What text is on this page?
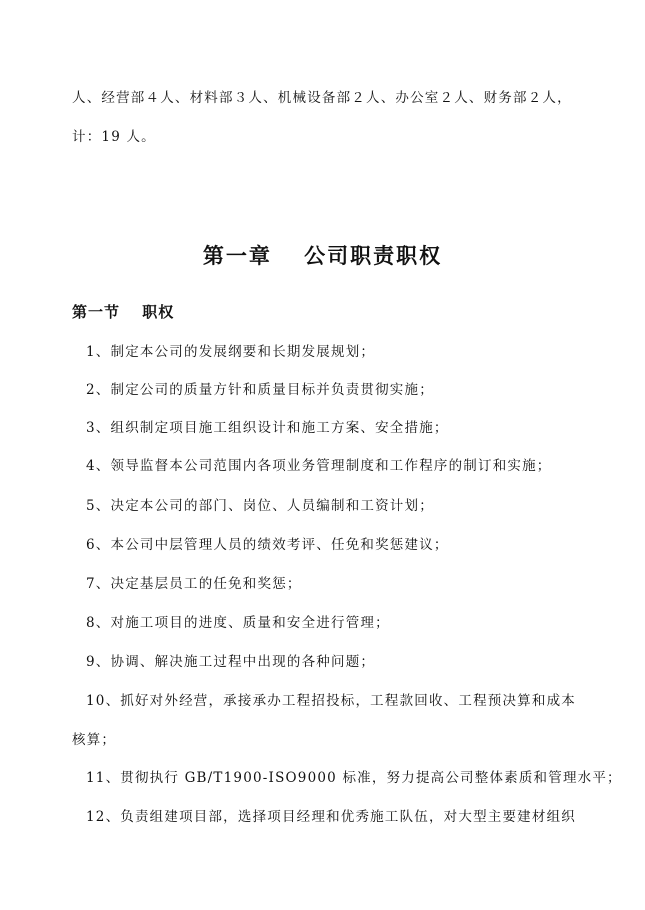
人、经营部４人、材料部３人、机械设备部２人、办公室２人、财务部２人，
计：19 人。
第一章　 公司职责职权
第一节　 职权
1、制定本公司的发展纲要和长期发展规划；
2、制定公司的质量方针和质量目标并负责贯彻实施；
3、组织制定项目施工组织设计和施工方案、安全措施；
4、领导监督本公司范围内各项业务管理制度和工作程序的制订和实施；
5、决定本公司的部门、岗位、人员编制和工资计划；
6、本公司中层管理人员的绩效考评、任免和奖惩建议；
7、决定基层员工的任免和奖惩；
8、对施工项目的进度、质量和安全进行管理；
9、协调、解决施工过程中出现的各种问题；
10、抓好对外经营，承接承办工程招投标，工程款回收、工程预决算和成本
核算；
11、贯彻执行 GB/T1900-ISO9000 标准，努力提高公司整体素质和管理水平；
12、负责组建项目部，选择项目经理和优秀施工队伍，对大型主要建材组织
